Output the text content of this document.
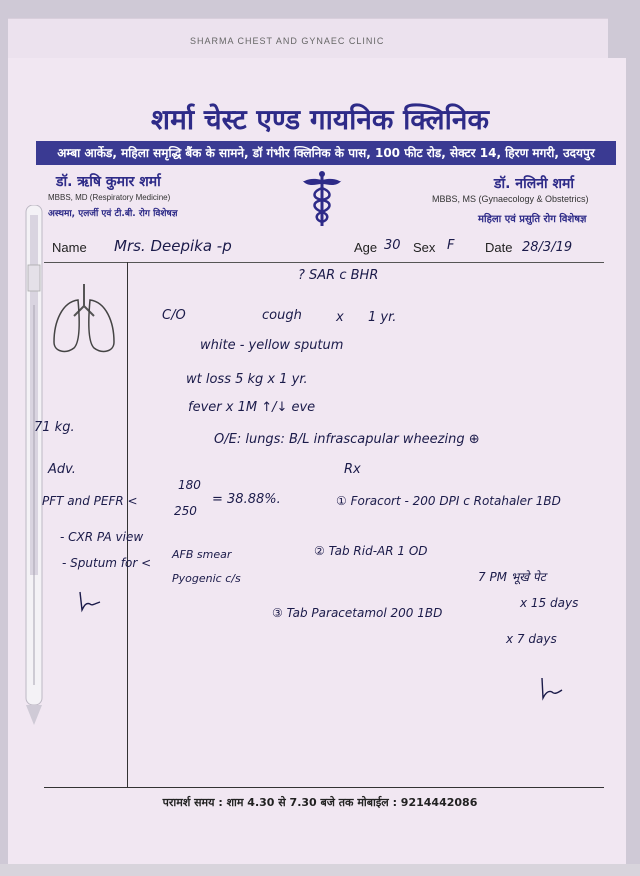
SHARMA CHEST AND GYNAEC CLINIC
शर्मा चेस्ट एण्ड गायनिक क्लिनिक
अम्बा आर्केड, महिला समृद्धि बैंक के सामने, डॉ गंभीर क्लिनिक के पास, 100 फीट रोड, सेक्टर 14, हिरण मगरी, उदयपुर
डॉ. ऋषि कुमार शर्मा
MBBS, MD (Respiratory Medicine)
अस्थमा, एलर्जी एवं टी.बी. रोग विशेषज्ञ
डॉ. नलिनी शर्मा
MBBS, MS (Gynaecology & Obstetrics)
महिला एवं प्रसुति रोग विशेषज्ञ
Name Mrs. Deepika -p	Age 30 Sex F Date 28/3/19
? SAR c BHR
C/O	cough	x 1 yr.
white - yellow sputum
wt loss 5 kg x 1 yr.
fever x 1M ↑/↓ eve
O/E: lungs: B/L infrascapular wheezing ⊕
Rx
71 kg.
Adv.
PFT and PEFR <
180
250
= 38.88%.
- CXR PA view
- Sputum for <
AFB smear
Pyogenic c/s
① Foracort - 200 DPI c Rotahaler 1BD
② Tab Rid-AR 1 OD
7 PM भूखे पेट
x 15 days
③ Tab Paracetamol 200 1BD
x 7 days
परामर्श समय : शाम 4.30 से 7.30 बजे तक मोबाईल : 9214442086
